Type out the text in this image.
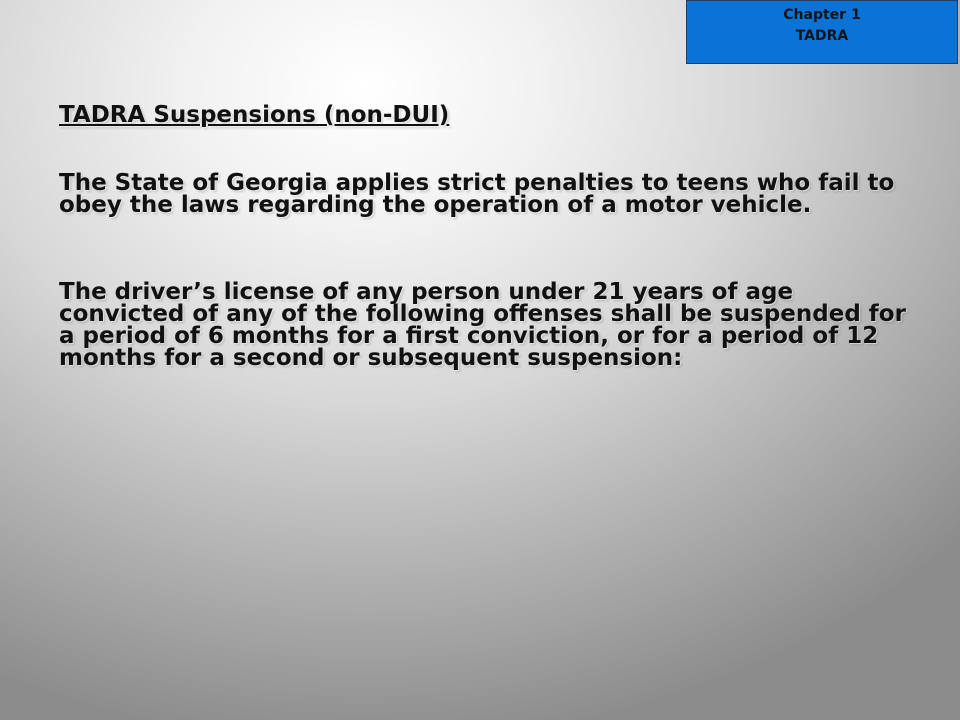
Chapter 1
TADRA
TADRA Suspensions (non-DUI)

The State of Georgia applies strict penalties to teens who fail to obey the laws regarding the operation of a motor vehicle.

The driver’s license of any person under 21 years of age convicted of any of the following offenses shall be suspended for a period of 6 months for a first conviction, or for a period of 12 months for a second or subsequent suspension:
